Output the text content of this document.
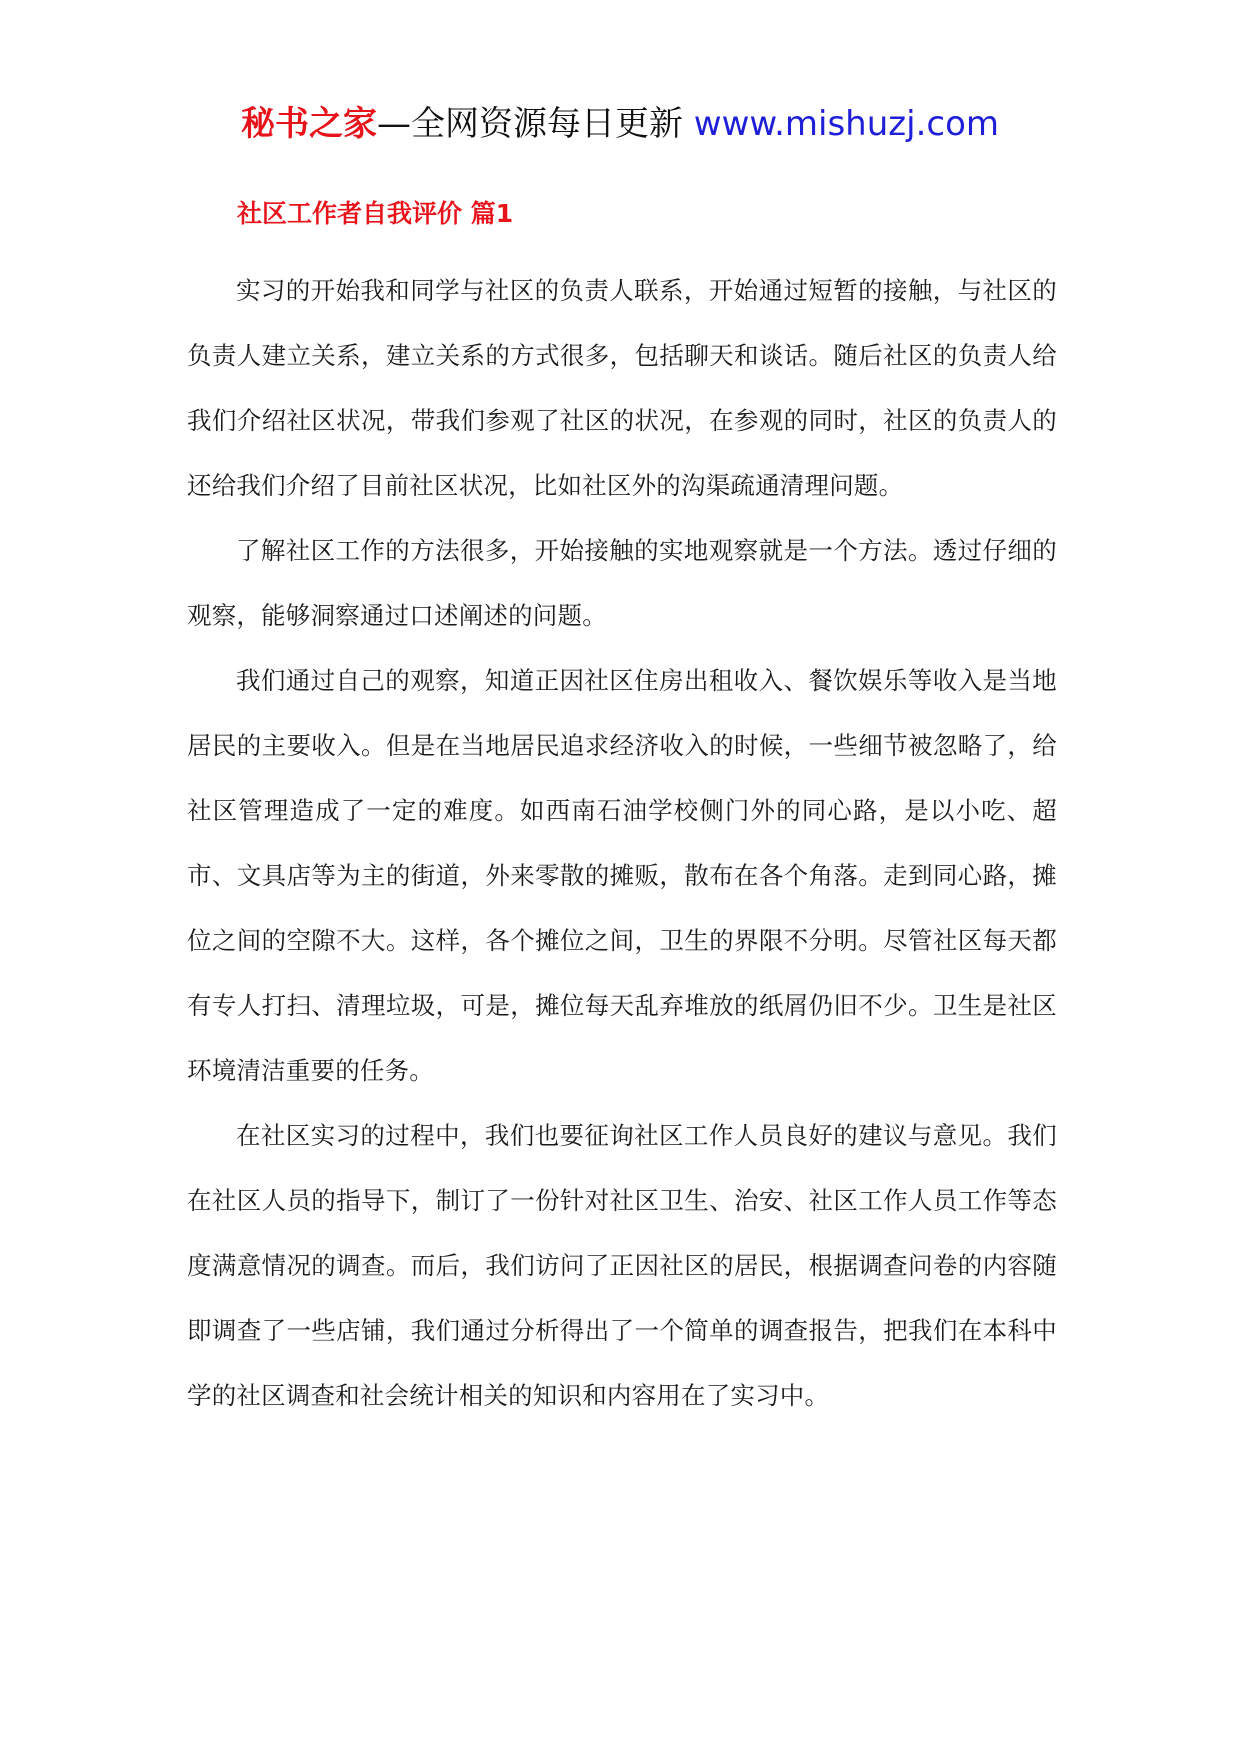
秘书之家—全网资源每日更新 www.mishuzj.com
社区工作者自我评价 篇1

实习的开始我和同学与社区的负责人联系，开始通过短暂的接触，与社区的负责人建立关系，建立关系的方式很多，包括聊天和谈话。随后社区的负责人给我们介绍社区状况，带我们参观了社区的状况，在参观的同时，社区的负责人的还给我们介绍了目前社区状况，比如社区外的沟渠疏通清理问题。

了解社区工作的方法很多，开始接触的实地观察就是一个方法。透过仔细的观察，能够洞察通过口述阐述的问题。

我们通过自己的观察，知道正因社区住房出租收入、餐饮娱乐等收入是当地居民的主要收入。但是在当地居民追求经济收入的时候，一些细节被忽略了，给社区管理造成了一定的难度。如西南石油学校侧门外的同心路，是以小吃、超市、文具店等为主的街道，外来零散的摊贩，散布在各个角落。走到同心路，摊位之间的空隙不大。这样，各个摊位之间，卫生的界限不分明。尽管社区每天都有专人打扫、清理垃圾，可是，摊位每天乱弃堆放的纸屑仍旧不少。卫生是社区环境清洁重要的任务。

在社区实习的过程中，我们也要征询社区工作人员良好的建议与意见。我们在社区人员的指导下，制订了一份针对社区卫生、治安、社区工作人员工作等态度满意情况的调查。而后，我们访问了正因社区的居民，根据调查问卷的内容随即调查了一些店铺，我们通过分析得出了一个简单的调查报告，把我们在本科中学的社区调查和社会统计相关的知识和内容用在了实习中。
